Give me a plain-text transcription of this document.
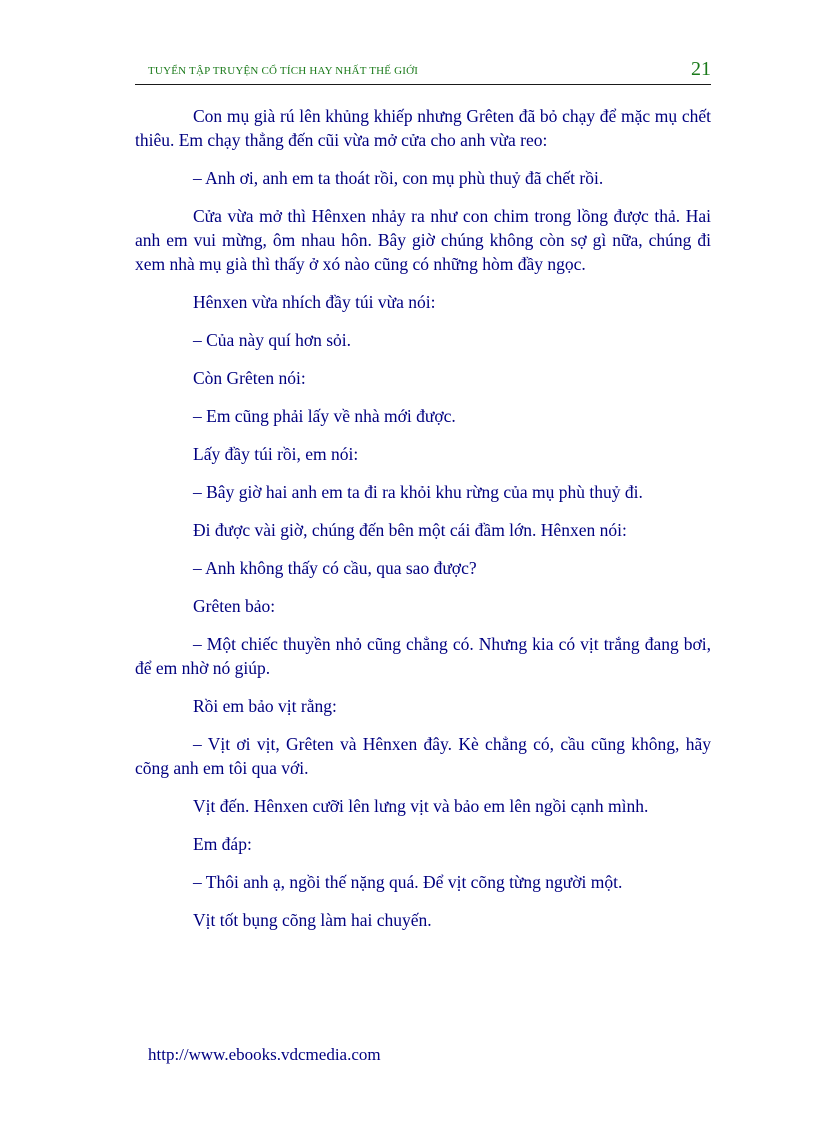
TUYỂN TẬP TRUYỆN CỔ TÍCH HAY NHẤT THẾ GIỚI	21

Con mụ già rú lên khủng khiếp nhưng Grêten đã bỏ chạy để mặc mụ chết thiêu. Em chạy thẳng đến cũi vừa mở cửa cho anh vừa reo:

– Anh ơi, anh em ta thoát rồi, con mụ phù thuỷ đã chết rồi.

Cửa vừa mở thì Hênxen nhảy ra như con chim trong lồng được thả. Hai anh em vui mừng, ôm nhau hôn. Bây giờ chúng không còn sợ gì nữa, chúng đi xem nhà mụ già thì thấy ở xó nào cũng có những hòm đầy ngọc.

Hênxen vừa nhích đầy túi vừa nói:

– Của này quí hơn sỏi.

Còn Grêten nói:

– Em cũng phải lấy về nhà mới được.

Lấy đầy túi rồi, em nói:

– Bây giờ hai anh em ta đi ra khỏi khu rừng của mụ phù thuỷ đi.

Đi được vài giờ, chúng đến bên một cái đầm lớn. Hênxen nói:

– Anh không thấy có cầu, qua sao được?

Grêten bảo:

– Một chiếc thuyền nhỏ cũng chẳng có. Nhưng kia có vịt trắng đang bơi, để em nhờ nó giúp.

Rồi em bảo vịt rằng:

– Vịt ơi vịt, Grêten và Hênxen đây. Kè chẳng có, cầu cũng không, hãy cõng anh em tôi qua với.

Vịt đến. Hênxen cưỡi lên lưng vịt và bảo em lên ngồi cạnh mình.

Em đáp:

– Thôi anh ạ, ngồi thế nặng quá. Để vịt cõng từng người một.

Vịt tốt bụng cõng làm hai chuyến.

http://www.ebooks.vdcmedia.com
